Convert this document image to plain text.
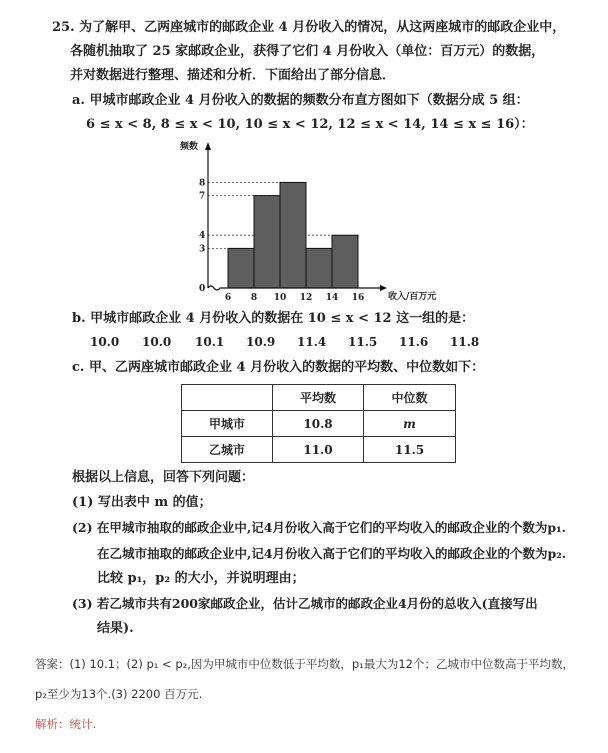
25. 为了解甲、乙两座城市的邮政企业 4 月份收入的情况，从这两座城市的邮政企业中，
各随机抽取了 25 家邮政企业，获得了它们 4 月份收入（单位：百万元）的数据，
并对数据进行整理、描述和分析．下面给出了部分信息．
a. 甲城市邮政企业 4 月份收入的数据的频数分布直方图如下（数据分成 5 组：
6 ≤ x < 8, 8 ≤ x < 10, 10 ≤ x < 12, 12 ≤ x < 14, 14 ≤ x ≤ 16）：
频数
收入/百万元
0
3
4
7
8
6 8 10 12 14 16
b. 甲城市邮政企业 4 月份收入的数据在 10 ≤ x < 12 这一组的是：
10.0 10.0 10.1 10.9 11.4 11.5 11.6 11.8
c. 甲、乙两座城市邮政企业 4 月份收入的数据的平均数、中位数如下：
	平均数	中位数
甲城市	10.8	m
乙城市	11.0	11.5
根据以上信息，回答下列问题：
(1) 写出表中 m 的值；
(2) 在甲城市抽取的邮政企业中,记4月份收入高于它们的平均收入的邮政企业的个数为p₁.
在乙城市抽取的邮政企业中,记4月份收入高于它们的平均收入的邮政企业的个数为p₂.
比较 p₁，p₂ 的大小，并说明理由；
(3) 若乙城市共有200家邮政企业，估计乙城市的邮政企业4月份的总收入(直接写出
结果).
答案：(1) 10.1；(2) p₁ < p₂,因为甲城市中位数低于平均数，p₁最大为12个；乙城市中位数高于平均数，
p₂至少为13个.(3) 2200 百万元.
解析：统计.
